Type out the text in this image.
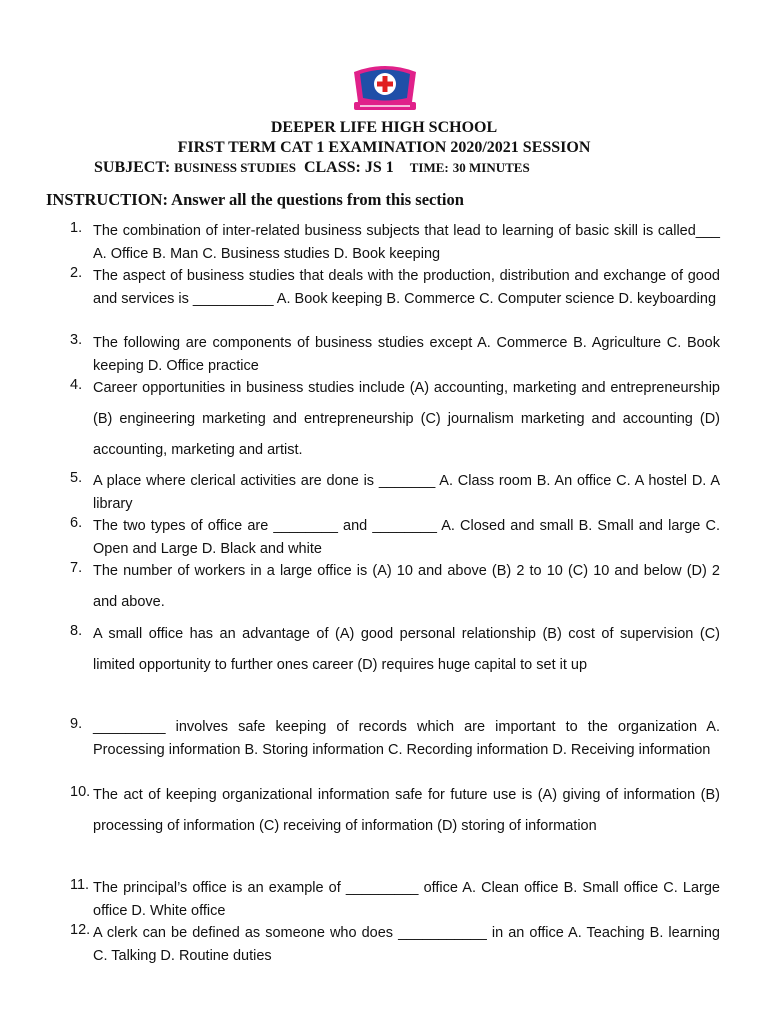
DEEPER LIFE HIGH SCHOOL
FIRST TERM CAT 1 EXAMINATION 2020/2021 SESSION
SUBJECT: BUSINESS STUDIES CLASS: JS 1 TIME: 30 MINUTES
INSTRUCTION: Answer all the questions from this section
1. The combination of inter-related business subjects that lead to learning of basic skill is called___ A. Office B. Man C. Business studies D. Book keeping
2. The aspect of business studies that deals with the production, distribution and exchange of good and services is __________ A. Book keeping B. Commerce C. Computer science D. keyboarding
3. The following are components of business studies except A. Commerce B. Agriculture C. Book keeping D. Office practice
4. Career opportunities in business studies include (A) accounting, marketing and entrepreneurship (B) engineering marketing and entrepreneurship (C) journalism marketing and accounting (D) accounting, marketing and artist.
5. A place where clerical activities are done is _______ A. Class room B. An office C. A hostel D. A library
6. The two types of office are ________ and ________ A. Closed and small B. Small and large C. Open and Large D. Black and white
7. The number of workers in a large office is (A) 10 and above (B) 2 to 10 (C) 10 and below (D) 2 and above.
8. A small office has an advantage of (A) good personal relationship (B) cost of supervision (C) limited opportunity to further ones career (D) requires huge capital to set it up
9. _________ involves safe keeping of records which are important to the organization A. Processing information B. Storing information C. Recording information D. Receiving information
10. The act of keeping organizational information safe for future use is (A) giving of information (B) processing of information (C) receiving of information (D) storing of information
11. The principal’s office is an example of _________ office A. Clean office B. Small office C. Large office D. White office
12. A clerk can be defined as someone who does ___________ in an office A. Teaching B. learning C. Talking D. Routine duties
